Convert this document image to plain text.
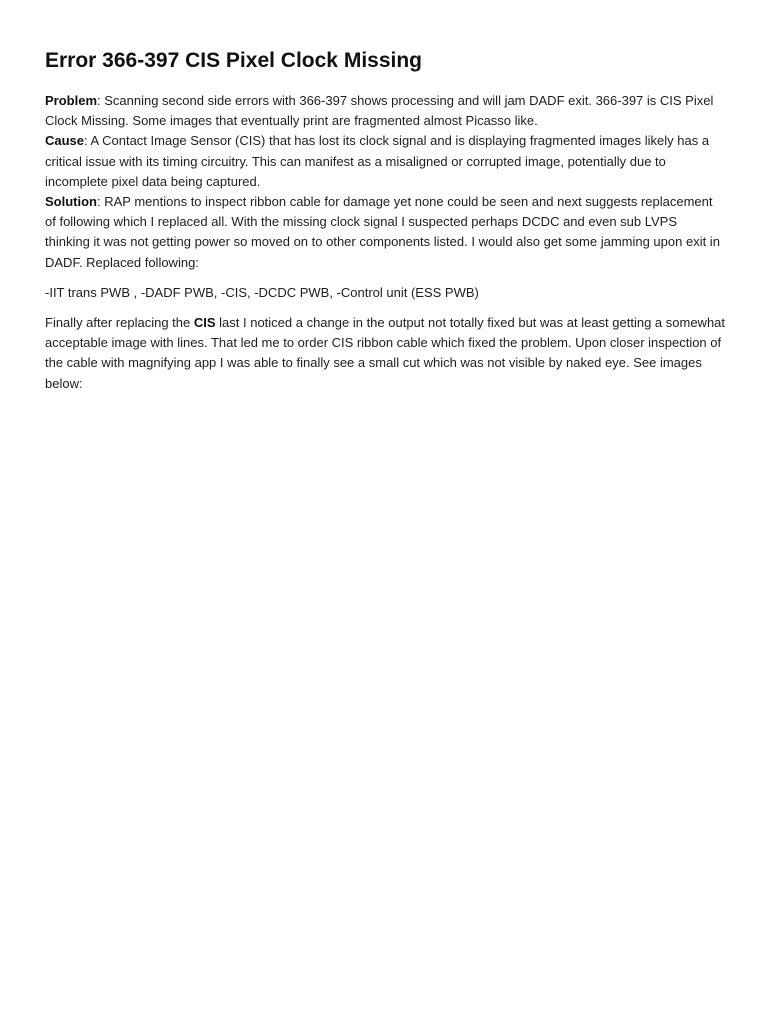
Error 366-397 CIS Pixel Clock Missing

Problem: Scanning second side errors with 366-397 shows processing and will jam DADF exit. 366-397 is CIS Pixel Clock Missing. Some images that eventually print are fragmented almost Picasso like.

Cause: A Contact Image Sensor (CIS) that has lost its clock signal and is displaying fragmented images likely has a critical issue with its timing circuitry. This can manifest as a misaligned or corrupted image, potentially due to incomplete pixel data being captured.

Solution: RAP mentions to inspect ribbon cable for damage yet none could be seen and next suggests replacement of following which I replaced all. With the missing clock signal I suspected perhaps DCDC and even sub LVPS thinking it was not getting power so moved on to other components listed. I would also get some jamming upon exit in DADF. Replaced following:

-IIT trans PWB , -DADF PWB, -CIS, -DCDC PWB, -Control unit (ESS PWB)

Finally after replacing the CIS last I noticed a change in the output not totally fixed but was at least getting a somewhat acceptable image with lines. That led me to order CIS ribbon cable which fixed the problem. Upon closer inspection of the cable with magnifying app I was able to finally see a small cut which was not visible by naked eye. See images below:
